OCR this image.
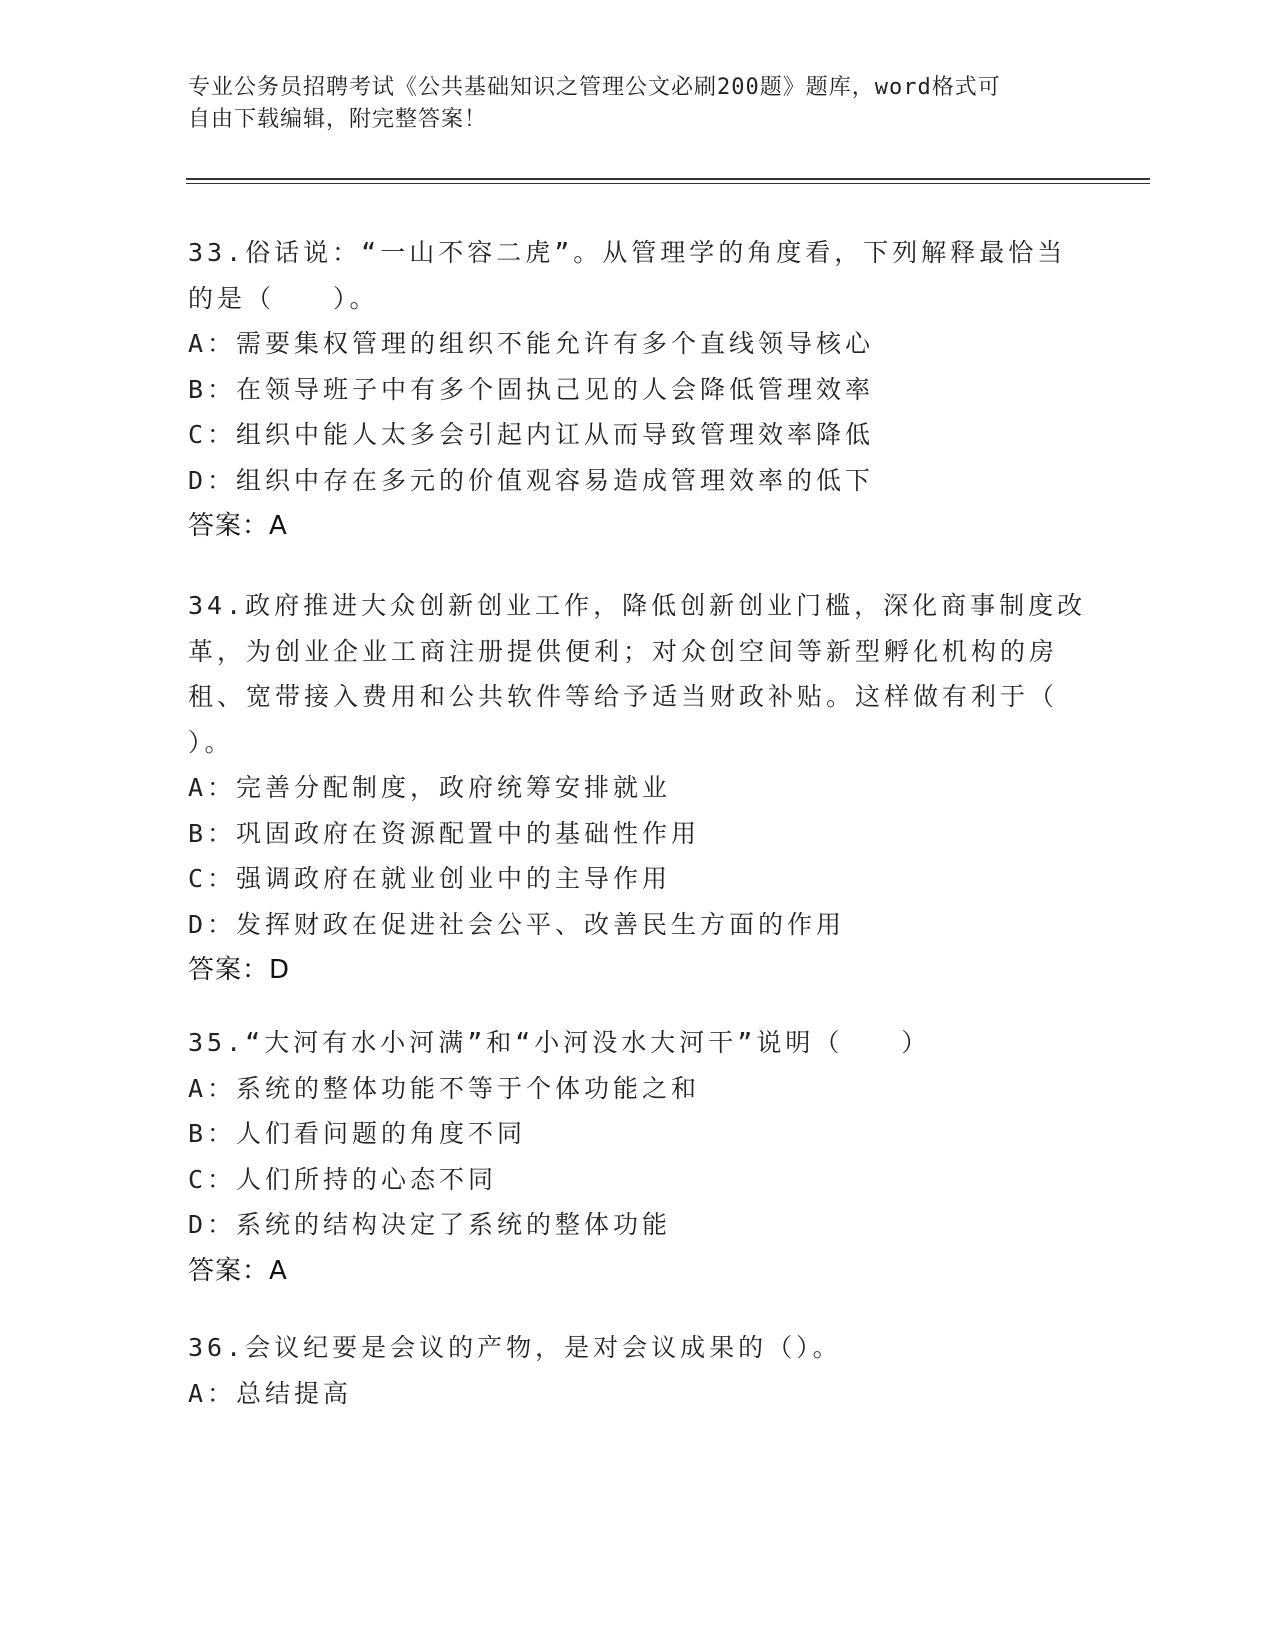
专业公务员招聘考试《公共基础知识之管理公文必刷200题》题库，word格式可
自由下载编辑，附完整答案！
33.俗话说：“一山不容二虎”。从管理学的角度看，下列解释最恰当
的是（　　）。
A：需要集权管理的组织不能允许有多个直线领导核心
B：在领导班子中有多个固执己见的人会降低管理效率
C：组织中能人太多会引起内讧从而导致管理效率降低
D：组织中存在多元的价值观容易造成管理效率的低下
答案：A
34.政府推进大众创新创业工作，降低创新创业门槛，深化商事制度改
革，为创业企业工商注册提供便利；对众创空间等新型孵化机构的房
租、宽带接入费用和公共软件等给予适当财政补贴。这样做有利于（
）。
A：完善分配制度，政府统筹安排就业
B：巩固政府在资源配置中的基础性作用
C：强调政府在就业创业中的主导作用
D：发挥财政在促进社会公平、改善民生方面的作用
答案：D
35.“大河有水小河满”和“小河没水大河干”说明（　　）
A：系统的整体功能不等于个体功能之和
B：人们看问题的角度不同
C：人们所持的心态不同
D：系统的结构决定了系统的整体功能
答案：A
36.会议纪要是会议的产物，是对会议成果的（）。
A：总结提高
